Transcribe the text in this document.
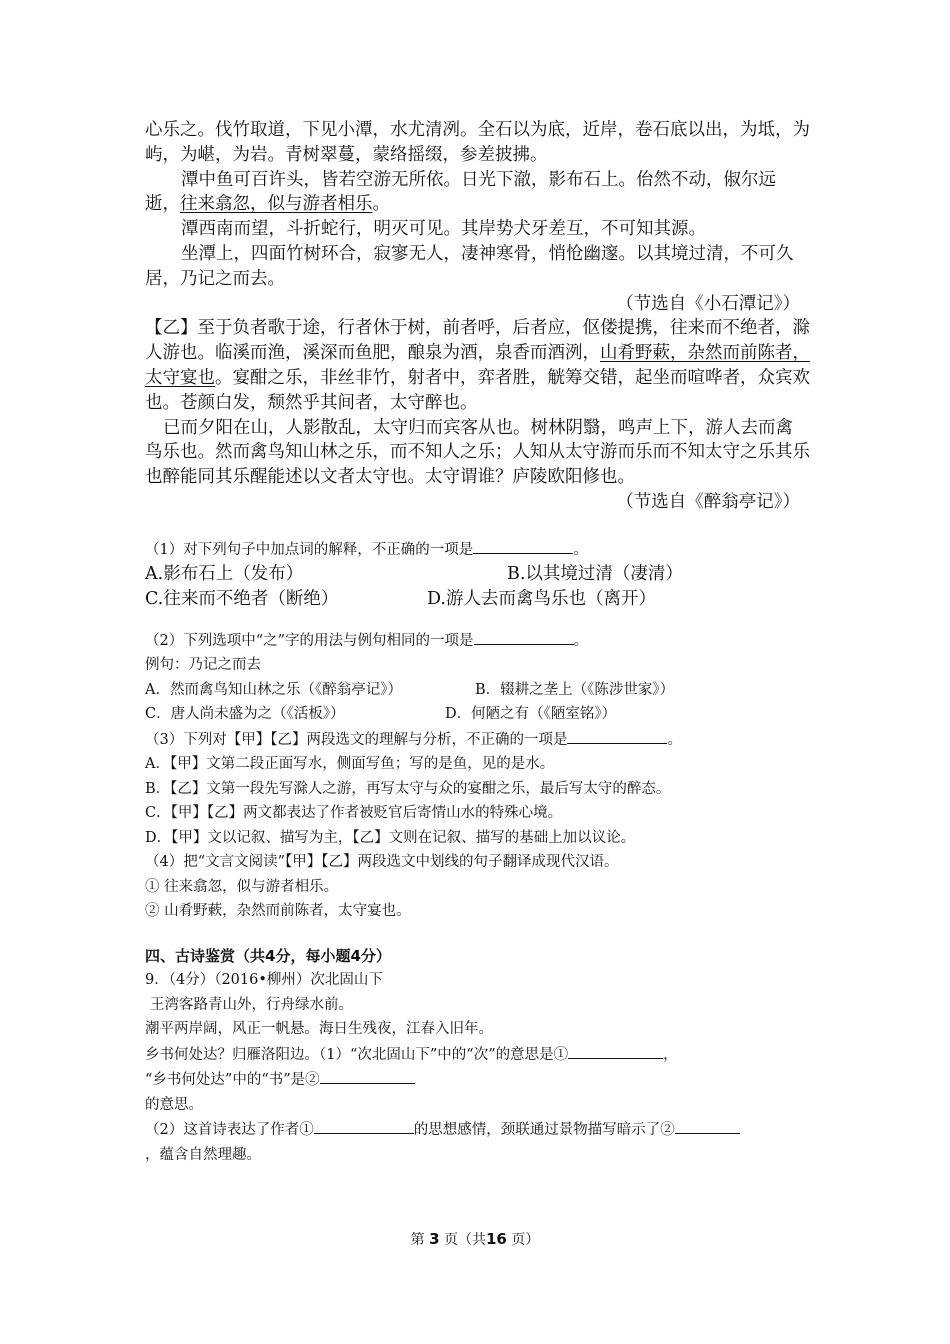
心乐之。伐竹取道，下见小潭，水尤清冽。全石以为底，近岸，卷石底以出，为坻，为屿，为嵁，为岩。青树翠蔓，蒙络摇缀，参差披拂。

潭中鱼可百许头，皆若空游无所依。日光下澈，影布石上。佁然不动，俶尔远逝，往来翕忽，似与游者相乐。

潭西南而望，斗折蛇行，明灭可见。其岸势犬牙差互，不可知其源。

坐潭上，四面竹树环合，寂寥无人，凄神寒骨，悄怆幽邃。以其境过清，不可久居，乃记之而去。

（节选自《小石潭记》）

【乙】至于负者歌于途，行者休于树，前者呼，后者应，伛偻提携，往来而不绝者，滁人游也。临溪而渔，溪深而鱼肥，酿泉为酒，泉香而酒洌，山肴野蔌，杂然而前陈者，太守宴也。宴酣之乐，非丝非竹，射者中，弈者胜，觥筹交错，起坐而喧哗者，众宾欢也。苍颜白发，颓然乎其间者，太守醉也。

已而夕阳在山，人影散乱，太守归而宾客从也。树林阴翳，鸣声上下，游人去而禽鸟乐也。然而禽鸟知山林之乐，而不知人之乐；人知从太守游而乐而不知太守之乐其乐也醉能同其乐醒能述以文者太守也。太守谓谁？庐陵欧阳修也。

（节选自《醉翁亭记》）

（1）对下列句子中加点词的解释，不正确的一项是	。

A.影布石上（发布）	B.以其境过清（凄清）
C.往来而不绝者（断绝）	D.游人去而禽鸟乐也（离开）

（2）下列选项中“之”字的用法与例句相同的一项是	。

例句：乃记之而去

A．然而禽鸟知山林之乐（《醉翁亭记》）	B．辍耕之垄上（《陈涉世家》）
C．唐人尚未盛为之（《活板》）	D．何陋之有（《陋室铭》）

（3）下列对【甲】【乙】两段选文的理解与分析，不正确的一项是	。

A．【甲】文第二段正面写水，侧面写鱼；写的是鱼，见的是水。

B．【乙】文第一段先写滁人之游，再写太守与众的宴酣之乐，最后写太守的醉态。

C．【甲】【乙】两文都表达了作者被贬官后寄情山水的特殊心境。

D．【甲】文以记叙、描写为主，【乙】文则在记叙、描写的基础上加以议论。

（4）把“文言文阅读”【甲】【乙】两段选文中划线的句子翻译成现代汉语。

① 往来翕忽，似与游者相乐。

② 山肴野蔌，杂然而前陈者，太守宴也。

四、古诗鉴赏（共4分，每小题4分）

9．（4分）（2016•柳州）次北固山下

王湾客路青山外，行舟绿水前。

潮平两岸阔，风正一帆悬。海日生残夜，江春入旧年。

乡书何处达？归雁洛阳边。（1）“次北固山下”中的“次”的意思是①	，

“乡书何处达”中的“书”是②

的意思。

（2）这首诗表达了作者①	的思想感情，颈联通过景物描写暗示了②

，蕴含自然理趣。

第 3 页（共16 页）
